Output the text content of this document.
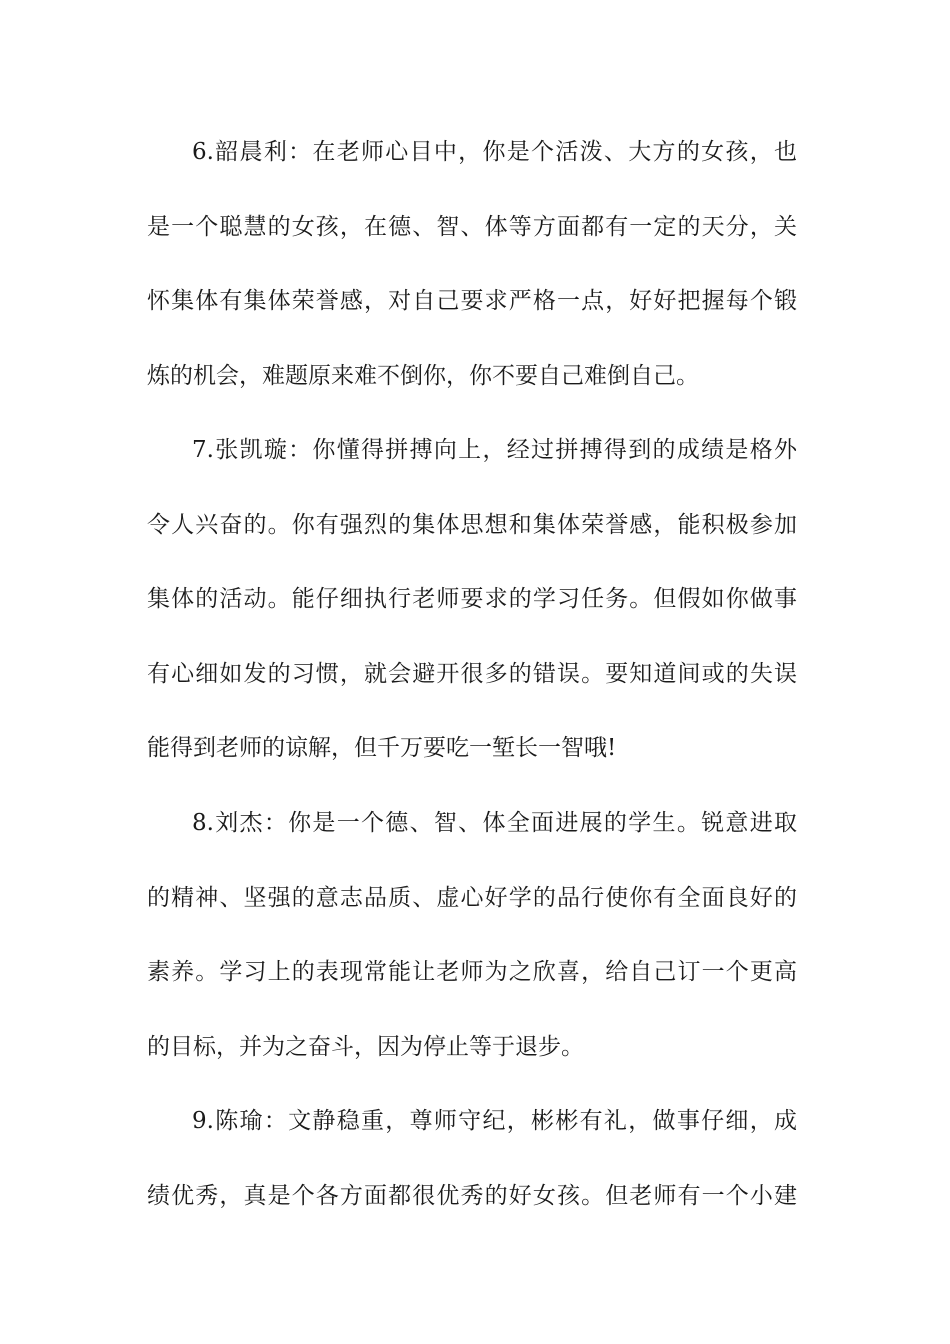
6.韶晨利：在老师心目中，你是个活泼、大方的女孩，也
是一个聪慧的女孩，在德、智、体等方面都有一定的天分，关
怀集体有集体荣誉感，对自己要求严格一点，好好把握每个锻
炼的机会，难题原来难不倒你，你不要自己难倒自己。
7.张凯璇：你懂得拼搏向上，经过拼搏得到的成绩是格外
令人兴奋的。你有强烈的集体思想和集体荣誉感，能积极参加
集体的活动。能仔细执行老师要求的学习任务。但假如你做事
有心细如发的习惯，就会避开很多的错误。要知道间或的失误
能得到老师的谅解，但千万要吃一堑长一智哦!
8.刘杰：你是一个德、智、体全面进展的学生。锐意进取
的精神、坚强的意志品质、虚心好学的品行使你有全面良好的
素养。学习上的表现常能让老师为之欣喜，给自己订一个更高
的目标，并为之奋斗，因为停止等于退步。
9.陈瑜：文静稳重，尊师守纪，彬彬有礼，做事仔细，成
绩优秀，真是个各方面都很优秀的好女孩。但老师有一个小建
